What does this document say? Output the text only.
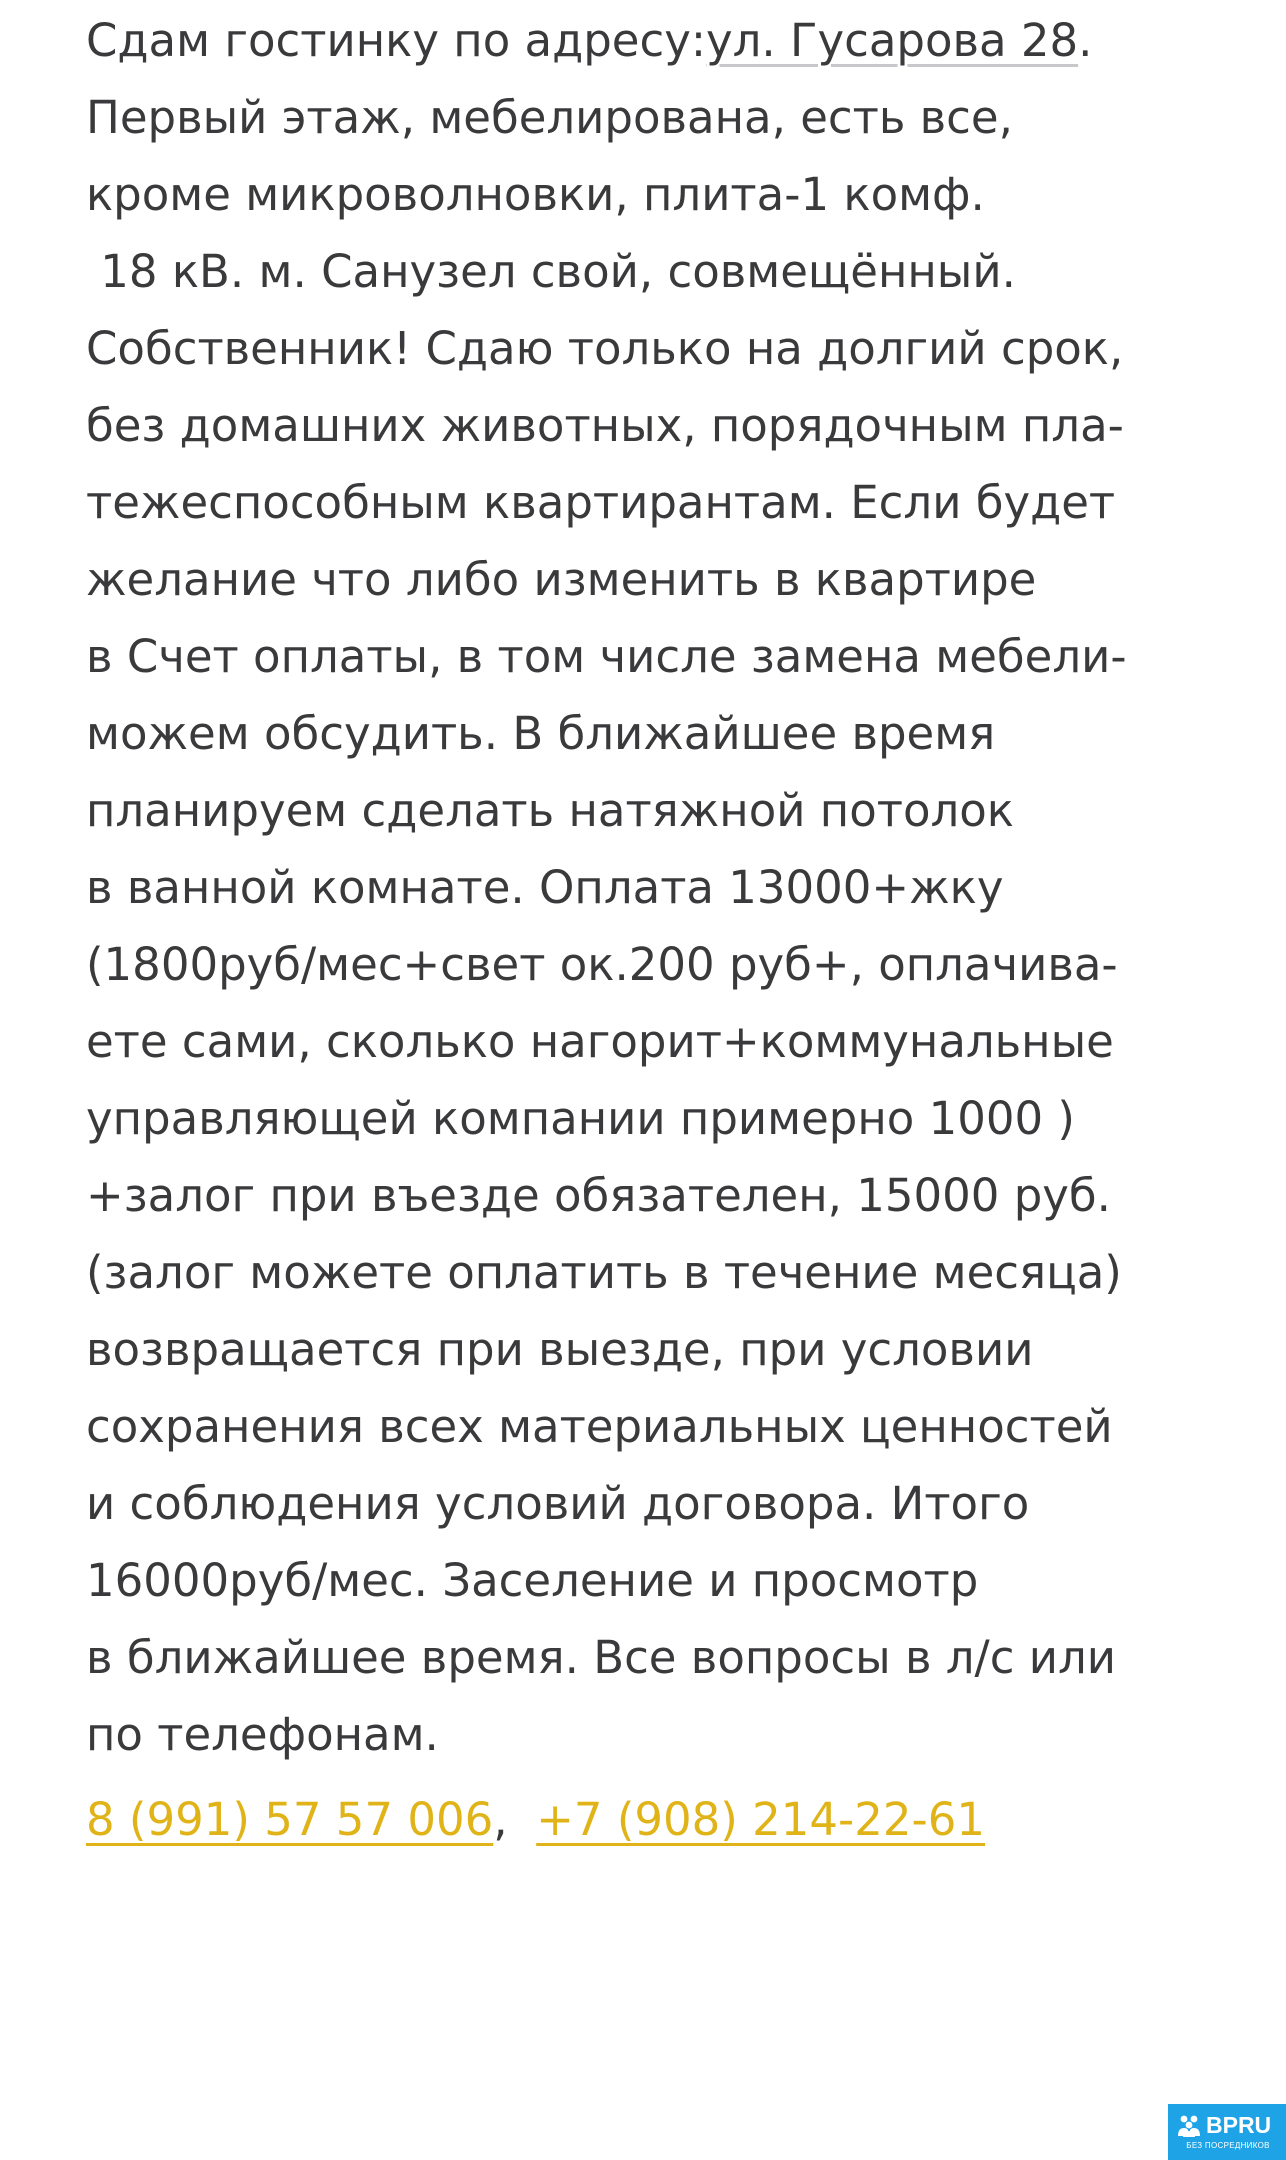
Сдам гостинку по адресу:ул. Гусарова 28.
Первый этаж, мебелирована, есть все,
кроме микроволновки, плита-1 комф.
18 кВ. м. Санузел свой, совмещённый.
Собственник! Сдаю только на долгий срок,
без домашних животных, порядочным пла-
тежеспособным квартирантам. Если будет
желание что либо изменить в квартире
в Счет оплаты, в том числе замена мебели-
можем обсудить. В ближайшее время
планируем сделать натяжной потолок
в ванной комнате. Оплата 13000+жку
(1800руб/мес+свет ок.200 руб+, оплачива-
ете сами, сколько нагорит+коммунальные
управляющей компании примерно 1000 )
+залог при въезде обязателен, 15000 руб.
(залог можете оплатить в течение месяца)
возвращается при выезде, при условии
сохранения всех материальных ценностей
и соблюдения условий договора. Итого
16000руб/мес. Заселение и просмотр
в ближайшее время. Все вопросы в л/с или
по телефонам.
8 (991) 57 57 006,  +7 (908) 214-22-61
BPRU
БЕЗ ПОСРЕДНИКОВ
